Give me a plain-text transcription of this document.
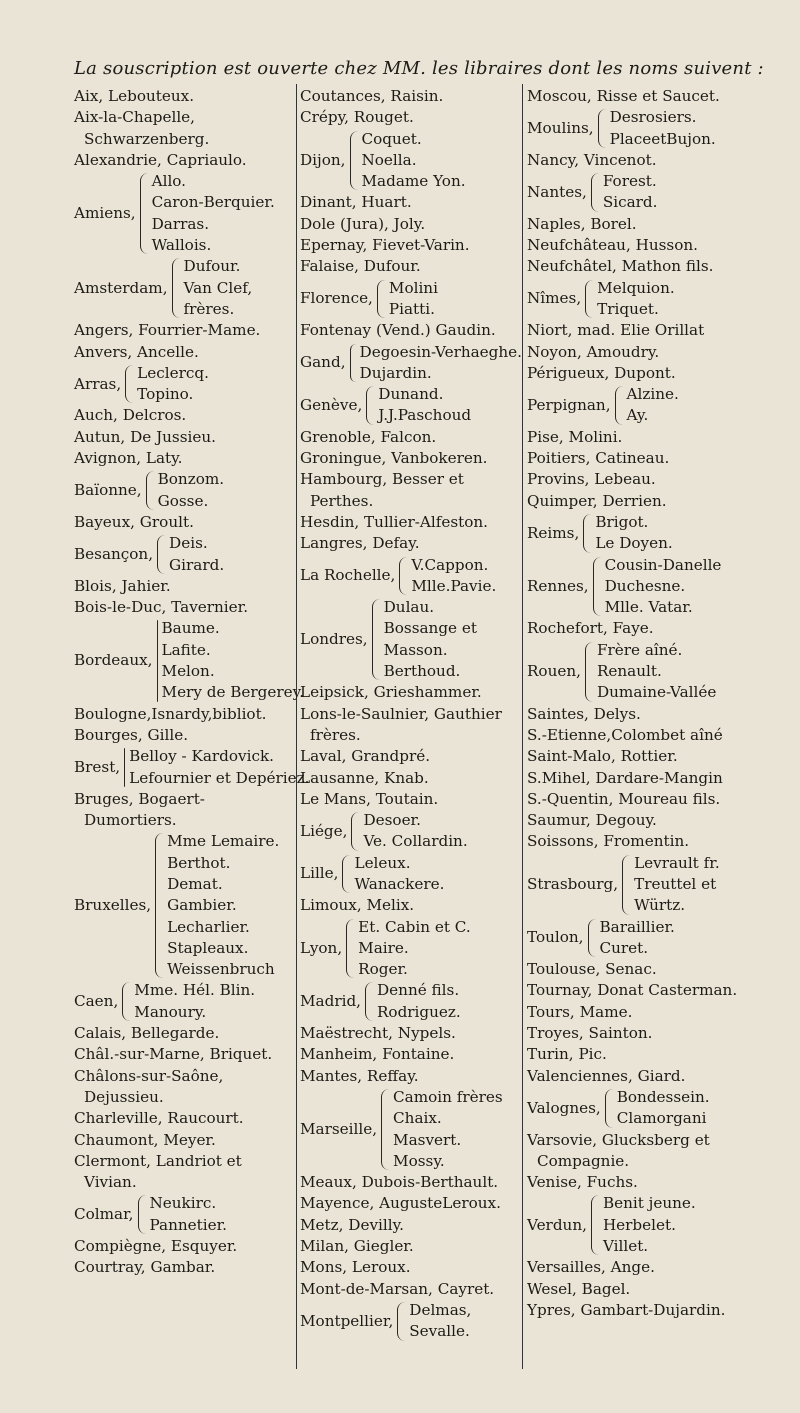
La souscription est ouverte chez MM. les libraires dont les noms suivent :
Aix, Lebouteux.
Aix-la-Chapelle, Schwarzenberg.
Alexandrie, Capriaulo.
Amiens,
Allo.
Caron-Berquier.
Darras.
Wallois.
Amsterdam,
Dufour.
Van Clef,
frères.
Angers, Fourrier-Mame.
Anvers, Ancelle.
Arras,
Leclercq.
Topino.
Auch, Delcros.
Autun, De Jussieu.
Avignon, Laty.
Baïonne,
Bonzom.
Gosse.
Bayeux, Groult.
Besançon,
Deis.
Girard.
Blois, Jahier.
Bois-le-Duc, Tavernier.
Bordeaux,
Baume.
Lafite.
Melon.
Mery de Bergerey.
Boulogne,Isnardy,bibliot.
Bourges, Gille.
Brest,
Belloy - Kardovick.
Lefournier et Depériez.
Bruges, Bogaert-Dumortiers.
Bruxelles,
Mme Lemaire.
Berthot.
Demat.
Gambier.
Lecharlier.
Stapleaux.
Weissenbruch
Caen,
Mme. Hél. Blin.
Manoury.
Calais, Bellegarde.
Châl.-sur-Marne, Briquet.
Châlons-sur-Saône, Dejussieu.
Charleville, Raucourt.
Chaumont, Meyer.
Clermont, Landriot et Vivian.
Colmar,
Neukirc.
Pannetier.
Compiègne, Esquyer.
Courtray, Gambar.
Coutances, Raisin.
Crépy, Rouget.
Dijon,
Coquet.
Noella.
Madame Yon.
Dinant, Huart.
Dole (Jura), Joly.
Epernay, Fievet-Varin.
Falaise, Dufour.
Florence,
Molini
Piatti.
Fontenay (Vend.) Gaudin.
Gand,
Degoesin-Verhaeghe.
Dujardin.
Genève,
Dunand.
J.J.Paschoud
Grenoble, Falcon.
Groningue, Vanbokeren.
Hambourg, Besser et Perthes.
Hesdin, Tullier-Alfeston.
Langres, Defay.
La Rochelle,
V.Cappon.
Mlle.Pavie.
Londres,
Dulau.
Bossange et
Masson.
Berthoud.
Leipsick, Grieshammer.
Lons-le-Saulnier, Gauthier frères.
Laval, Grandpré.
Lausanne, Knab.
Le Mans, Toutain.
Liége,
Desoer.
Ve. Collardin.
Lille,
Leleux.
Wanackere.
Limoux, Melix.
Lyon,
Et. Cabin et C.
Maire.
Roger.
Madrid,
Denné fils.
Rodriguez.
Maëstrecht, Nypels.
Manheim, Fontaine.
Mantes, Reffay.
Marseille,
Camoin frères
Chaix.
Masvert.
Mossy.
Meaux, Dubois-Berthault.
Mayence, AugusteLeroux.
Metz, Devilly.
Milan, Giegler.
Mons, Leroux.
Mont-de-Marsan, Cayret.
Montpellier,
Delmas,
Sevalle.
Moscou, Risse et Saucet.
Moulins,
Desrosiers.
PlaceetBujon.
Nancy, Vincenot.
Nantes,
Forest.
Sicard.
Naples, Borel.
Neufchâteau, Husson.
Neufchâtel, Mathon fils.
Nîmes,
Melquion.
Triquet.
Niort, mad. Elie Orillat
Noyon, Amoudry.
Périgueux, Dupont.
Perpignan,
Alzine.
Ay.
Pise, Molini.
Poitiers, Catineau.
Provins, Lebeau.
Quimper, Derrien.
Reims,
Brigot.
Le Doyen.
Rennes,
Cousin-Danelle
Duchesne.
Mlle. Vatar.
Rochefort, Faye.
Rouen,
Frère aîné.
Renault.
Dumaine-Vallée
Saintes, Delys.
S.-Etienne,Colombet aîné
Saint-Malo, Rottier.
S.Mihel, Dardare-Mangin
S.-Quentin, Moureau fils.
Saumur, Degouy.
Soissons, Fromentin.
Strasbourg,
Levrault fr.
Treuttel et
Würtz.
Toulon,
Baraillier.
Curet.
Toulouse, Senac.
Tournay, Donat Casterman.
Tours, Mame.
Troyes, Sainton.
Turin, Pic.
Valenciennes, Giard.
Valognes,
Bondessein.
Clamorgani
Varsovie, Glucksberg et Compagnie.
Venise, Fuchs.
Verdun,
Benit jeune.
Herbelet.
Villet.
Versailles, Ange.
Wesel, Bagel.
Ypres, Gambart-Dujardin.
